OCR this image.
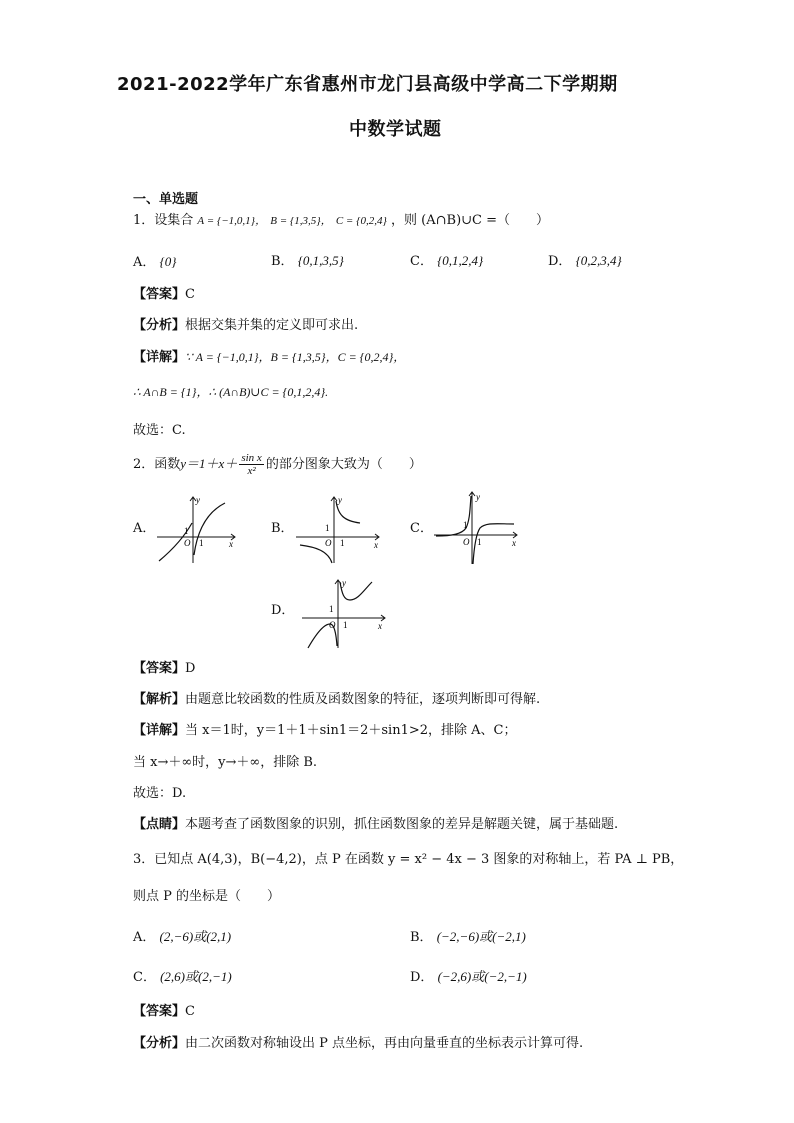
2021-2022学年广东省惠州市龙门县高级中学高二下学期期
中数学试题
一、单选题
1．设集合 A = {−1,0,1}， B = {1,3,5}， C = {0,2,4} ，则 (A∩B)∪C =（　　）
A． {0}	B． {0,1,3,5}	C． {0,1,2,4}	D． {0,2,3,4}
【答案】C
【分析】根据交集并集的定义即可求出.
【详解】∵ A = {−1,0,1}，B = {1,3,5}，C = {0,2,4}，
∴ A∩B = {1}，∴ (A∩B)∪C = {0,1,2,4}.
故选：C.
2．函数$y=1+x+ \frac{\text{sin x}}{\text{x²}}$ 的部分图象大致为（　　）
A．	1
1
O	x
y
B．	1
1
O	x
y
C．	1
1
O	x
y
D．	1
1
O	x
y
【答案】D
【解析】由题意比较函数的性质及函数图象的特征，逐项判断即可得解.
【详解】当 x＝1时，y＝1＋1＋sin1＝2＋sin1>2，排除 A、C；
当 x→＋∞时，y→＋∞，排除 B.
故选：D.
【点睛】本题考查了函数图象的识别，抓住函数图象的差异是解题关键，属于基础题.
3．已知点 A(4,3)，B(−4,2)，点 P 在函数 y = x² − 4x − 3 图象的对称轴上，若 PA ⊥ PB，
则点 P 的坐标是（　　）
A． (2,−6)或(2,1)	B． (−2,−6)或(−2,1)
C． (2,6)或(2,−1)	D． (−2,6)或(−2,−1)
【答案】C
【分析】由二次函数对称轴设出 P 点坐标，再由向量垂直的坐标表示计算可得.
